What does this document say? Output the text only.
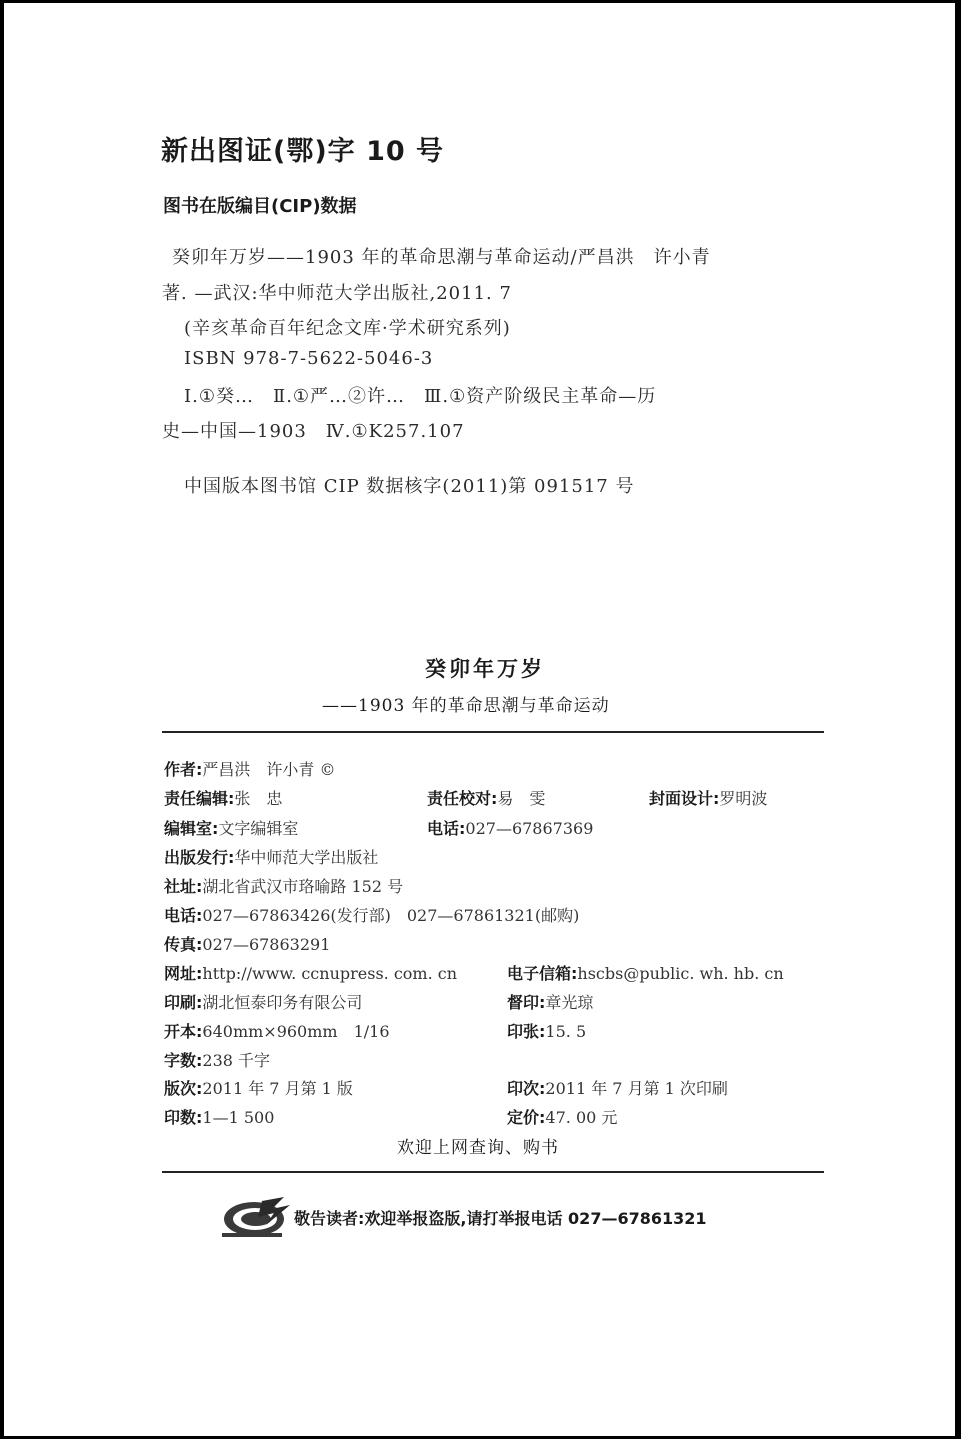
新出图证(鄂)字 10 号
图书在版编目(CIP)数据
癸卯年万岁——1903 年的革命思潮与革命运动/严昌洪　许小青
著. —武汉:华中师范大学出版社,2011. 7
(辛亥革命百年纪念文库·学术研究系列)
ISBN 978-7-5622-5046-3
Ⅰ.①癸…　Ⅱ.①严…②许…　Ⅲ.①资产阶级民主革命—历
史—中国—1903　Ⅳ.①K257.107
中国版本图书馆 CIP 数据核字(2011)第 091517 号
癸卯年万岁
——1903 年的革命思潮与革命运动
作者:严昌洪　许小青 ©
责任编辑:张　忠	责任校对:易　雯	封面设计:罗明波
编辑室:文字编辑室	电话:027—67867369
出版发行:华中师范大学出版社
社址:湖北省武汉市珞喻路 152 号
电话:027—67863426(发行部)　027—67861321(邮购)
传真:027—67863291
网址:http://www. ccnupress. com. cn	电子信箱:hscbs@public. wh. hb. cn
印刷:湖北恒泰印务有限公司	督印:章光琼
开本:640mm×960mm　1/16	印张:15. 5
字数:238 千字
版次:2011 年 7 月第 1 版	印次:2011 年 7 月第 1 次印刷
印数:1—1 500	定价:47. 00 元
欢迎上网查询、购书
敬告读者:欢迎举报盗版,请打举报电话 027—67861321
